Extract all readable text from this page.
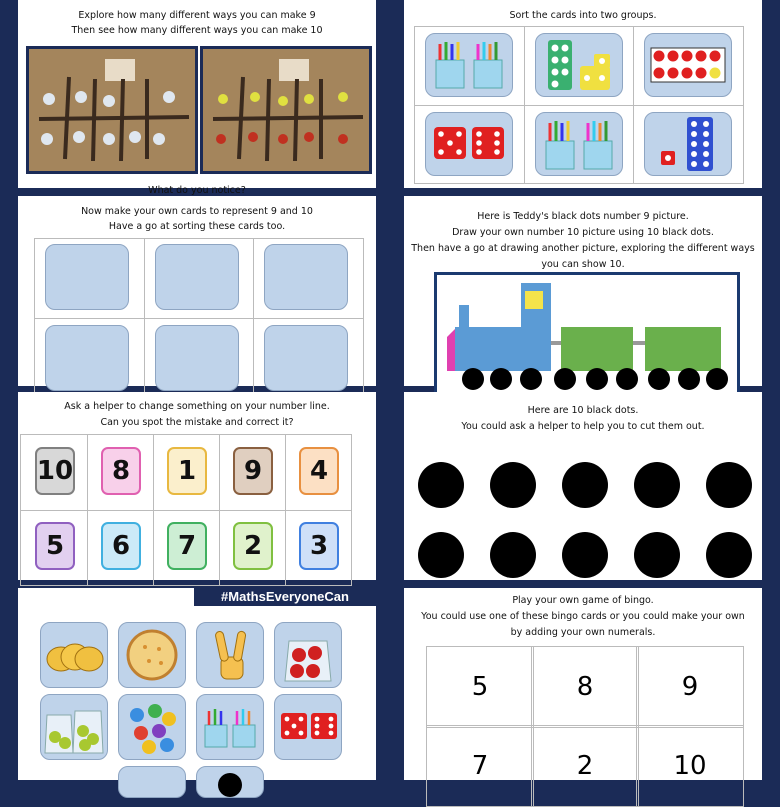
Explore how many different ways you can make 9
Then see how many different ways you can make 10
Sort the cards into two groups.

What do you notice?
Now make your own cards to represent 9 and 10
Have a go at sorting these cards too.

Here is Teddy's black dots number 9 picture.
Draw your own number 10 picture using 10 black dots.
Then have a go at drawing another picture, exploring the different ways
you can show 10.
Ask a helper to change something on your number line.
Can you spot the mistake and correct it?
10	8	1	9	4
5	6	7	2	3
Here are 10 black dots.
You could ask a helper to help you to cut them out.
#MathsEveryoneCan	Play your own game of bingo.
You could use one of these bingo cards or you could make your own
by adding your own numerals.
5	8	9
7	2	10
